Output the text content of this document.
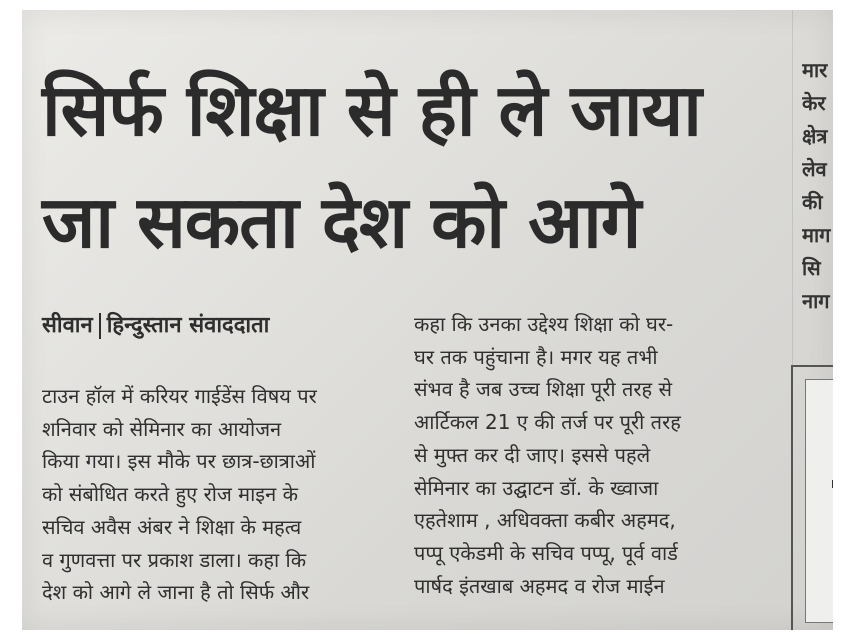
सिर्फ शिक्षा से ही ले जाया
जा सकता देश को आगे
सीवान हिन्दुस्तान संवाददाता
टाउन हॉल में करियर गाईडेंस विषय पर
शनिवार को सेमिनार का आयोजन
किया गया। इस मौके पर छात्र-छात्राओं
को संबोधित करते हुए रोज माइन के
सचिव अवैस अंबर ने शिक्षा के महत्व
व गुणवत्ता पर प्रकाश डाला। कहा कि
देश को आगे ले जाना है तो सिर्फ और
कहा कि उनका उद्देश्य शिक्षा को घर-
घर तक पहुंचाना है। मगर यह तभी
संभव है जब उच्च शिक्षा पूरी तरह से
आर्टिकल 21 ए की तर्ज पर पूरी तरह
से मुफ्त कर दी जाए। इससे पहले
सेमिनार का उद्घाटन डॉ. के ख्वाजा
एहतेशाम , अधिवक्ता कबीर अहमद,
पप्पू एकेडमी के सचिव पप्पू, पूर्व वार्ड
पार्षद इंतखाब अहमद व रोज माईन
मार
केर
क्षेत्र
लेव
की
माग
सि
नाग
